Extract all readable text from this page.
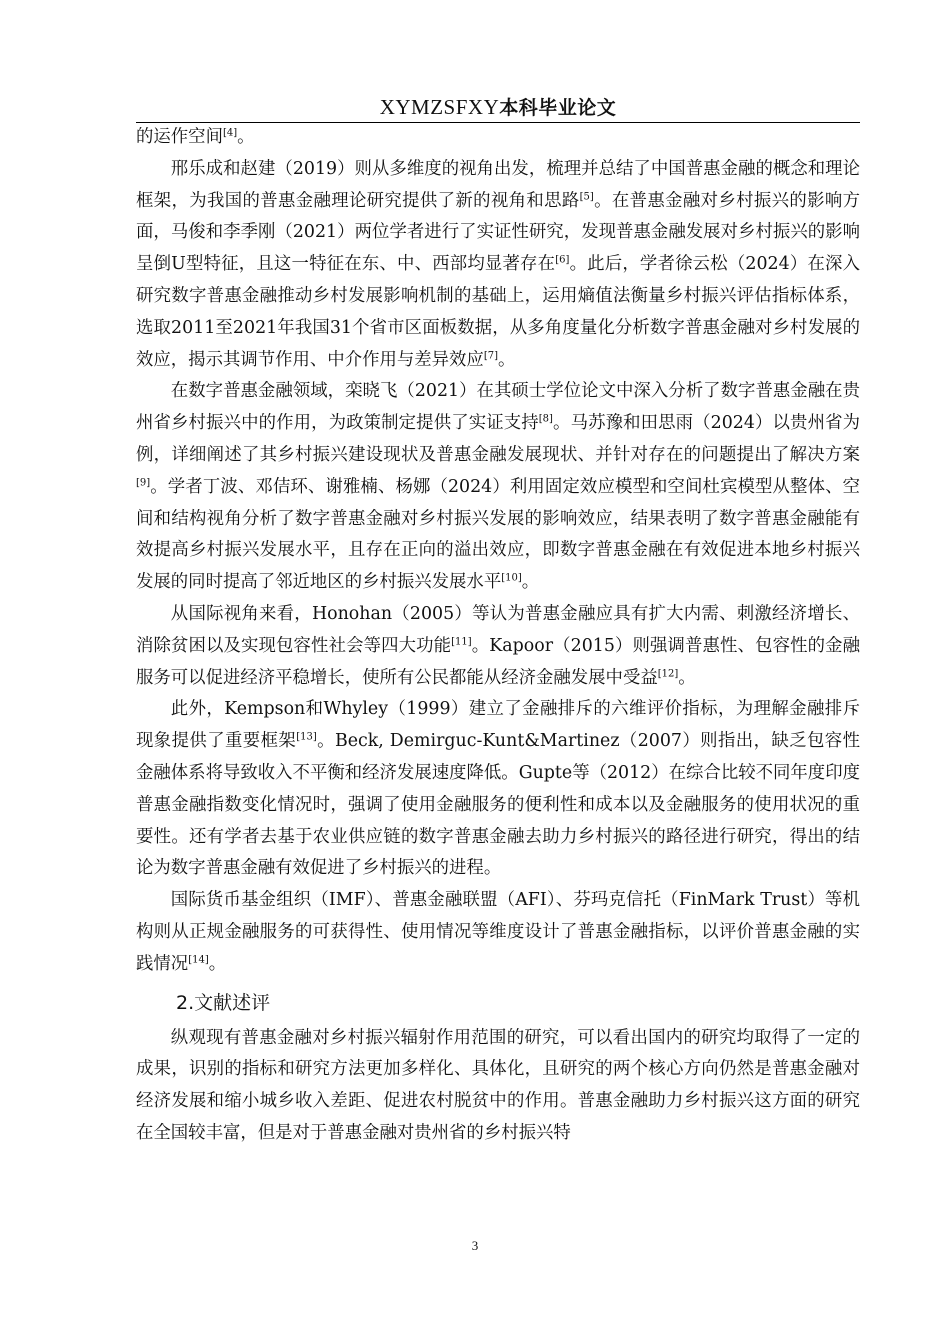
XYMZSFXY本科毕业论文

的运作空间[4]。

邢乐成和赵建（2019）则从多维度的视角出发，梳理并总结了中国普惠金融的概念和理论框架，为我国的普惠金融理论研究提供了新的视角和思路[5]。在普惠金融对乡村振兴的影响方面，马俊和李季刚（2021）两位学者进行了实证性研究，发现普惠金融发展对乡村振兴的影响呈倒U型特征，且这一特征在东、中、西部均显著存在[6]。此后，学者徐云松（2024）在深入研究数字普惠金融推动乡村发展影响机制的基础上，运用熵值法衡量乡村振兴评估指标体系，选取2011至2021年我国31个省市区面板数据，从多角度量化分析数字普惠金融对乡村发展的效应，揭示其调节作用、中介作用与差异效应[7]。

在数字普惠金融领域，栾晓飞（2021）在其硕士学位论文中深入分析了数字普惠金融在贵州省乡村振兴中的作用，为政策制定提供了实证支持[8]。马苏豫和田思雨（2024）以贵州省为例，详细阐述了其乡村振兴建设现状及普惠金融发展现状、并针对存在的问题提出了解决方案[9]。学者丁波、邓佶环、谢雅楠、杨娜（2024）利用固定效应模型和空间杜宾模型从整体、空间和结构视角分析了数字普惠金融对乡村振兴发展的影响效应，结果表明了数字普惠金融能有效提高乡村振兴发展水平，且存在正向的溢出效应，即数字普惠金融在有效促进本地乡村振兴发展的同时提高了邻近地区的乡村振兴发展水平[10]。

从国际视角来看，Honohan（2005）等认为普惠金融应具有扩大内需、刺激经济增长、消除贫困以及实现包容性社会等四大功能[11]。Kapoor（2015）则强调普惠性、包容性的金融服务可以促进经济平稳增长，使所有公民都能从经济金融发展中受益[12]。

此外，Kempson和Whyley（1999）建立了金融排斥的六维评价指标，为理解金融排斥现象提供了重要框架[13]。Beck, Demirguc-Kunt&Martinez（2007）则指出，缺乏包容性金融体系将导致收入不平衡和经济发展速度降低。Gupte等（2012）在综合比较不同年度印度普惠金融指数变化情况时，强调了使用金融服务的便利性和成本以及金融服务的使用状况的重要性。还有学者去基于农业供应链的数字普惠金融去助力乡村振兴的路径进行研究，得出的结论为数字普惠金融有效促进了乡村振兴的进程。

国际货币基金组织（IMF）、普惠金融联盟（AFI）、芬玛克信托（FinMark Trust）等机构则从正规金融服务的可获得性、使用情况等维度设计了普惠金融指标，以评价普惠金融的实践情况[14]。

2.文献述评

纵观现有普惠金融对乡村振兴辐射作用范围的研究，可以看出国内的研究均取得了一定的成果，识别的指标和研究方法更加多样化、具体化，且研究的两个核心方向仍然是普惠金融对经济发展和缩小城乡收入差距、促进农村脱贫中的作用。普惠金融助力乡村振兴这方面的研究在全国较丰富，但是对于普惠金融对贵州省的乡村振兴特

3
